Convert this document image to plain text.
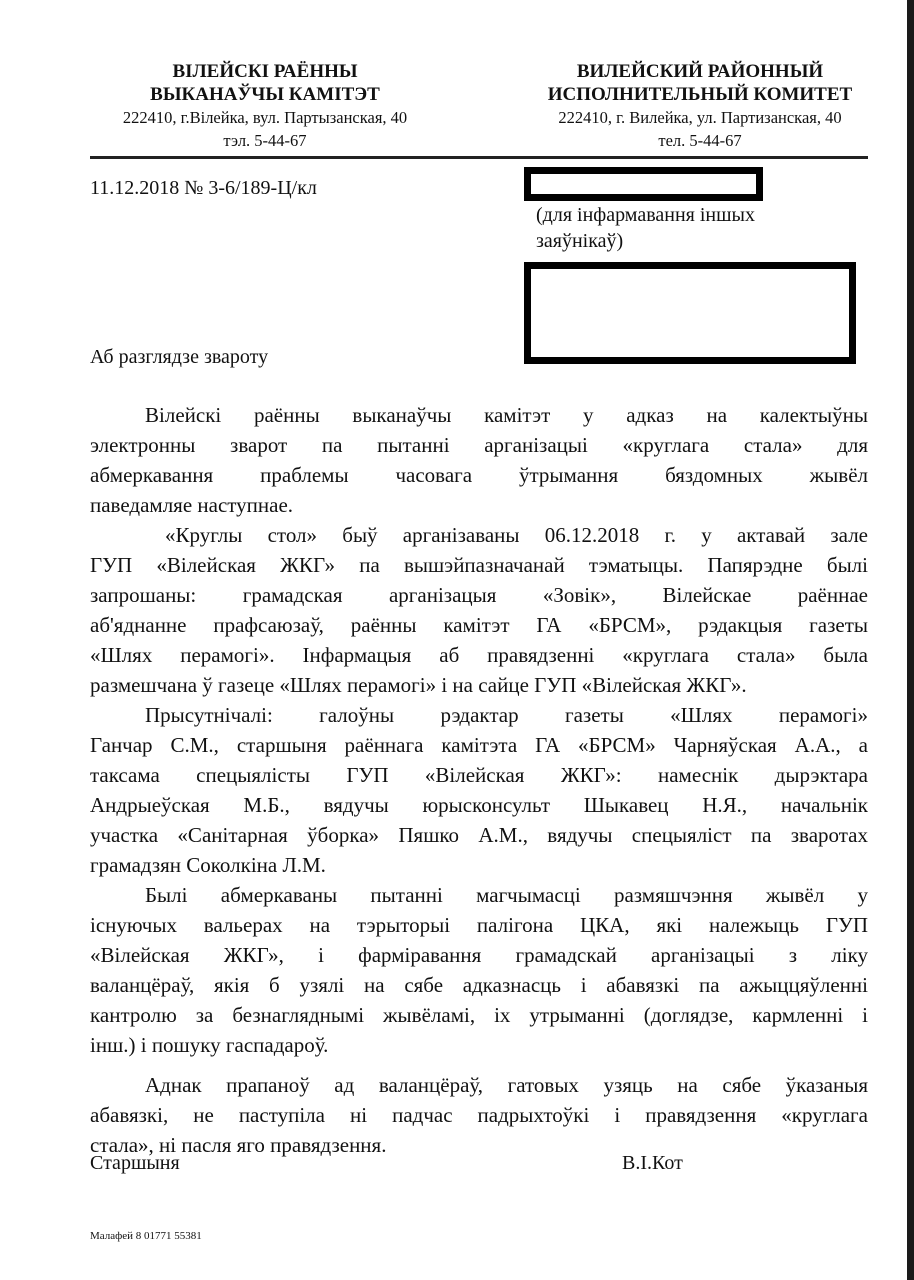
ВІЛЕЙСКІ РАЁННЫ
ВЫКАНАЎЧЫ КАМІТЭТ
222410, г.Вілейка, вул. Партызанская, 40
тэл. 5-44-67
ВИЛЕЙСКИЙ РАЙОННЫЙ
ИСПОЛНИТЕЛЬНЫЙ КОМИТЕТ
222410, г. Вилейка, ул. Партизанская, 40
тел. 5-44-67
11.12.2018 № 3-6/189-Ц/кл
(для інфармавання іншых
заяўнікаў)
Аб разглядзе звароту
Вілейскі раённы выканаўчы камітэт у адказ на калектыўны
электронны зварот па пытанні арганізацыі «круглага стала» для
абмеркавання праблемы часовага ўтрымання бяздомных жывёл
паведамляе наступнае.
«Круглы стол» быў арганізаваны 06.12.2018 г. у актавай зале
ГУП «Вілейская ЖКГ» па вышэйпазначанай тэматыцы. Папярэдне былі
запрошаны: грамадская арганізацыя «Зовік», Вілейскае раённае
аб'яднанне прафсаюзаў, раённы камітэт ГА «БРСМ», рэдакцыя газеты
«Шлях перамогі». Інфармацыя аб правядзенні «круглага стала» была
размешчана ў газеце «Шлях перамогі» і на сайце ГУП «Вілейская ЖКГ».
Прысутнічалі: галоўны рэдактар газеты «Шлях перамогі»
Ганчар С.М., старшыня раённага камітэта ГА «БРСМ» Чарняўская А.А., а
таксама спецыялісты ГУП «Вілейская ЖКГ»: намеснік дырэктара
Андрыеўская М.Б., вядучы юрысконсульт Шыкавец Н.Я., начальнік
участка «Санітарная ўборка» Пяшко А.М., вядучы спецыяліст па зваротах
грамадзян Соколкіна Л.М.
Былі абмеркаваны пытанні магчымасці размяшчэння жывёл у
існуючых вальерах на тэрыторыі палігона ЦКА, які належыць ГУП
«Вілейская ЖКГ», і фарміравання грамадскай арганізацыі з ліку
валанцёраў, якія б узялі на сябе адказнасць і абавязкі па ажыццяўленні
кантролю за безнагляднымі жывёламі, іх утрыманні (доглядзе, кармленні і
інш.) і пошуку гаспадароў.
Аднак прапаноў ад валанцёраў, гатовых узяць на сябе ўказаныя
абавязкі, не паступіла ні падчас падрыхтоўкі і правядзення «круглага
стала», ні пасля яго правядзення.
Старшыня	В.І.Кот
Малафей 8 01771 55381
